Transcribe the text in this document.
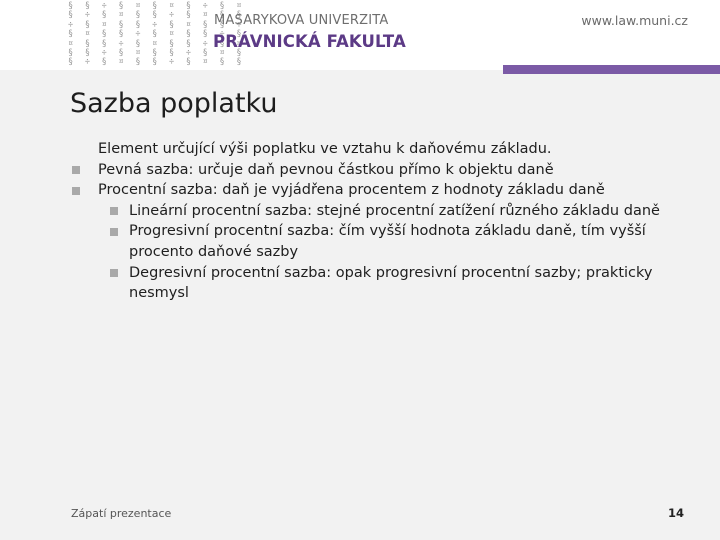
§ § ÷ § ¤ § ¤ § ÷ § ¤
§ ÷ § ¤ § § ÷ § ¤ § §
÷ § ¤ § § ÷ § ¤ § § ÷
§ ¤ § § ÷ § ¤ § § ÷ §
¤ § § ÷ § ¤ § § ÷ § ¤
§ § ÷ § ¤ § § ÷ § ¤ §
§ ÷ § ¤ § § ÷ § ¤ § §
MASARYKOVA UNIVERZITA
PRÁVNICKÁ FAKULTA
www.law.muni.cz
Sazba poplatku
Element určující výši poplatku ve vztahu k daňovému základu.
Pevná sazba: určuje daň pevnou částkou přímo k objektu daně
Procentní sazba: daň je vyjádřena procentem z hodnoty základu daně
Lineární procentní sazba: stejné procentní zatížení různého základu daně
Progresivní procentní sazba: čím vyšší hodnota základu daně, tím vyšší procento daňové sazby
Degresivní procentní sazba: opak progresivní procentní sazby; prakticky nesmysl
Zápatí prezentace	14
